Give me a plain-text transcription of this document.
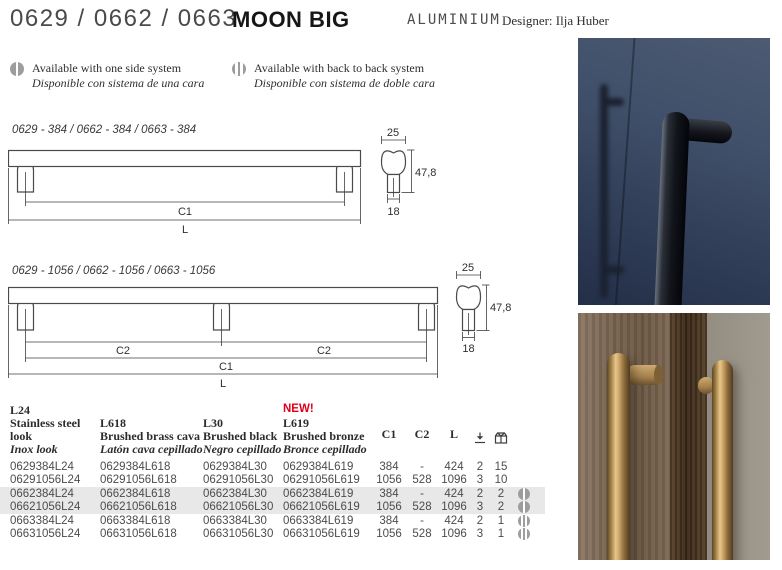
0629 / 0662 / 0663
MOON BIG	ALUMINIUM Designer: Ilja Huber
Available with one side system
Disponible con sistema de una cara
Available with back to back system
Disponible con sistema de doble cara
0629 - 384 / 0662 - 384 / 0663 - 384
C1
L
25
47,8
18
0629 - 1056 / 0662 - 1056 / 0663 - 1056
C2	C2
C1
L
25
47,8
18
L24
Stainless steel look
Inox look
L618
Brushed brass cava
Latón cava cepillado
L30
Brushed black
Negro cepillado
NEW!
L619
Brushed bronze
Bronce cepillado
C1	C2	L
0629384L24	0629384L618	0629384L30	0629384L619	384	-	424	2 15
06291056L24	06291056L618	06291056L30 06291056L619	1056 528 1096 3 10
0662384L24	0662384L618	0662384L30	0662384L619	384	-	424	2	2
06621056L24	06621056L618	06621056L30 06621056L619	1056 528 1096 3	2
0663384L24	0663384L618	0663384L30	0663384L619	384	-	424	2	1
06631056L24	06631056L618	06631056L30 06631056L619	1056 528 1096 3	1
